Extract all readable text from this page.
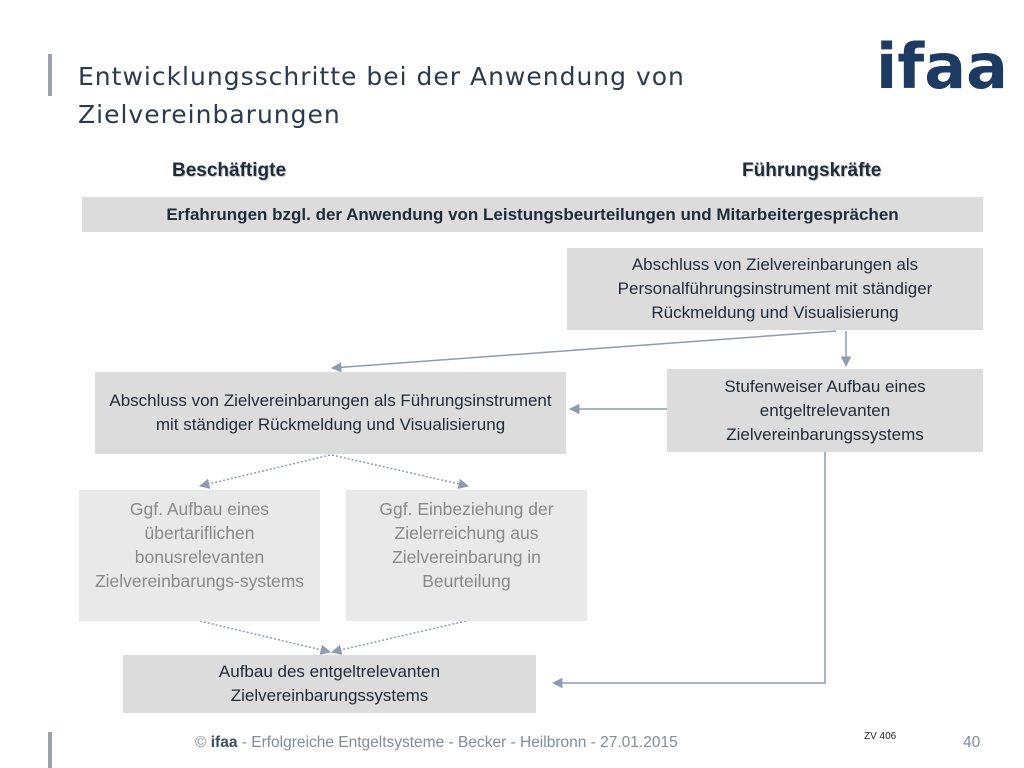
Entwicklungsschritte bei der Anwendung von
Zielvereinbarungen
ifaa
Beschäftigte	Führungskräfte
Erfahrungen bzgl. der Anwendung von Leistungsbeurteilungen und Mitarbeitergesprächen
Abschluss von Zielvereinbarungen als Personalführungsinstrument mit ständiger Rückmeldung und Visualisierung
Abschluss von Zielvereinbarungen als Führungsinstrument mit ständiger Rückmeldung und Visualisierung
Stufenweiser Aufbau eines entgeltrelevanten Zielvereinbarungssystems
Ggf. Aufbau eines übertariflichen bonusrelevanten Zielvereinbarungs-systems
Ggf. Einbeziehung der Zielerreichung aus Zielvereinbarung in Beurteilung
Aufbau des entgeltrelevanten Zielvereinbarungssystems
ZV 406
© ifaa - Erfolgreiche Entgeltsysteme - Becker - Heilbronn - 27.01.2015	40
